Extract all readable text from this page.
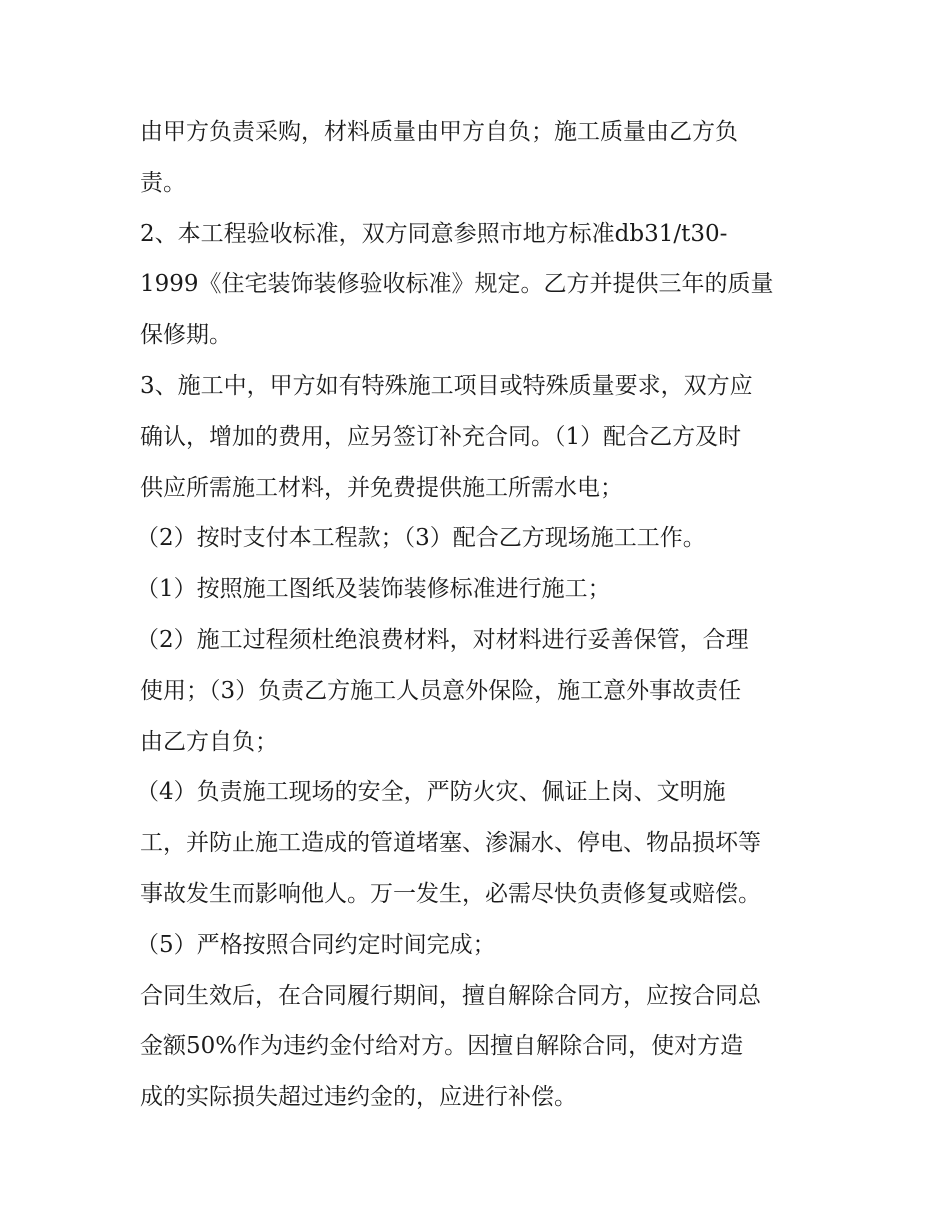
由甲方负责采购，材料质量由甲方自负；施工质量由乙方负

责。

2、本工程验收标准，双方同意参照市地方标准db31/t30-

1999《住宅装饰装修验收标准》规定。乙方并提供三年的质量

保修期。

3、施工中，甲方如有特殊施工项目或特殊质量要求，双方应

确认，增加的费用，应另签订补充合同。（1）配合乙方及时

供应所需施工材料，并免费提供施工所需水电；

（2）按时支付本工程款；（3）配合乙方现场施工工作。

（1）按照施工图纸及装饰装修标准进行施工；

（2）施工过程须杜绝浪费材料，对材料进行妥善保管，合理

使用；（3）负责乙方施工人员意外保险，施工意外事故责任

由乙方自负；

（4）负责施工现场的安全，严防火灾、佩证上岗、文明施

工，并防止施工造成的管道堵塞、渗漏水、停电、物品损坏等

事故发生而影响他人。万一发生，必需尽快负责修复或赔偿。

（5）严格按照合同约定时间完成；

合同生效后，在合同履行期间，擅自解除合同方，应按合同总

金额50%作为违约金付给对方。因擅自解除合同，使对方造

成的实际损失超过违约金的，应进行补偿。
